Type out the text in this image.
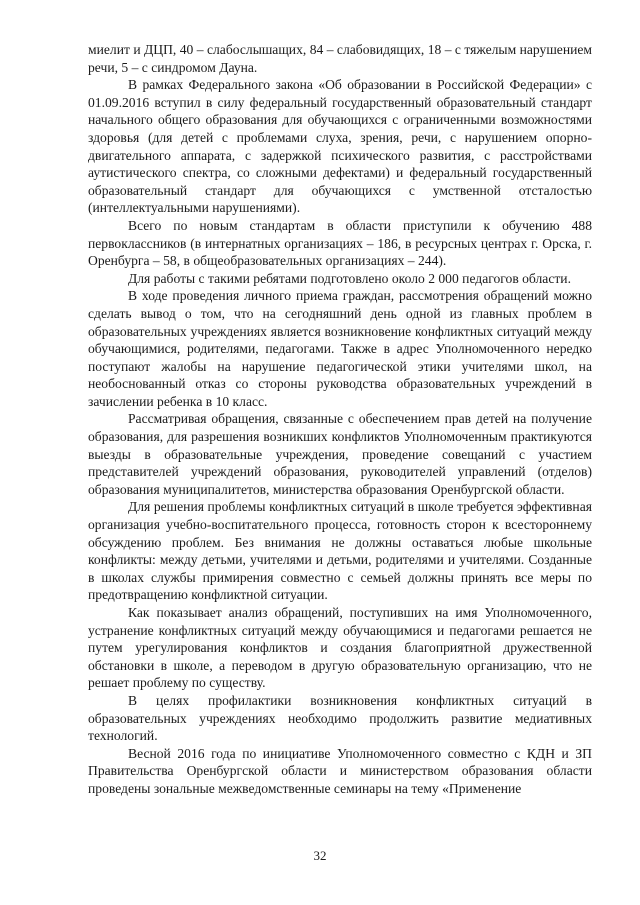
миелит и ДЦП, 40 – слабослышащих, 84 – слабовидящих, 18 – с тяжелым нарушением речи, 5 – с синдромом Дауна.

В рамках Федерального закона «Об образовании в Российской Федерации» с 01.09.2016 вступил в силу федеральный государственный образовательный стандарт начального общего образования для обучающихся с ограниченными возможностями здоровья (для детей с проблемами слуха, зрения, речи, с нарушением опорно-двигательного аппарата, с задержкой психического развития, с расстройствами аутистического спектра, со сложными дефектами) и федеральный государственный образовательный стандарт для обучающихся с умственной отсталостью (интеллектуальными нарушениями).

Всего по новым стандартам в области приступили к обучению 488 первоклассников (в интернатных организациях – 186, в ресурсных центрах г. Орска, г. Оренбурга – 58, в общеобразовательных организациях – 244).

Для работы с такими ребятами подготовлено около 2 000 педагогов области.

В ходе проведения личного приема граждан, рассмотрения обращений можно сделать вывод о том, что на сегодняшний день одной из главных проблем в образовательных учреждениях является возникновение конфликтных ситуаций между обучающимися, родителями, педагогами. Также в адрес Уполномоченного нередко поступают жалобы на нарушение педагогической этики учителями школ, на необоснованный отказ со стороны руководства образовательных учреждений в зачислении ребенка в 10 класс.

Рассматривая обращения, связанные с обеспечением прав детей на получение образования, для разрешения возникших конфликтов Уполномоченным практикуются выезды в образовательные учреждения, проведение совещаний с участием представителей учреждений образования, руководителей управлений (отделов) образования муниципалитетов, министерства образования Оренбургской области.

Для решения проблемы конфликтных ситуаций в школе требуется эффективная организация учебно-воспитательного процесса, готовность сторон к всестороннему обсуждению проблем. Без внимания не должны оставаться любые школьные конфликты: между детьми, учителями и детьми, родителями и учителями. Созданные в школах службы примирения совместно с семьей должны принять все меры по предотвращению конфликтной ситуации.

Как показывает анализ обращений, поступивших на имя Уполномоченного, устранение конфликтных ситуаций между обучающимися и педагогами решается не путем урегулирования конфликтов и создания благоприятной дружественной обстановки в школе, а переводом в другую образовательную организацию, что не решает проблему по существу.

В целях профилактики возникновения конфликтных ситуаций в образовательных учреждениях необходимо продолжить развитие медиативных технологий.

Весной 2016 года по инициативе Уполномоченного совместно с КДН и ЗП Правительства Оренбургской области и министерством образования области проведены зональные межведомственные семинары на тему «Применение

32
